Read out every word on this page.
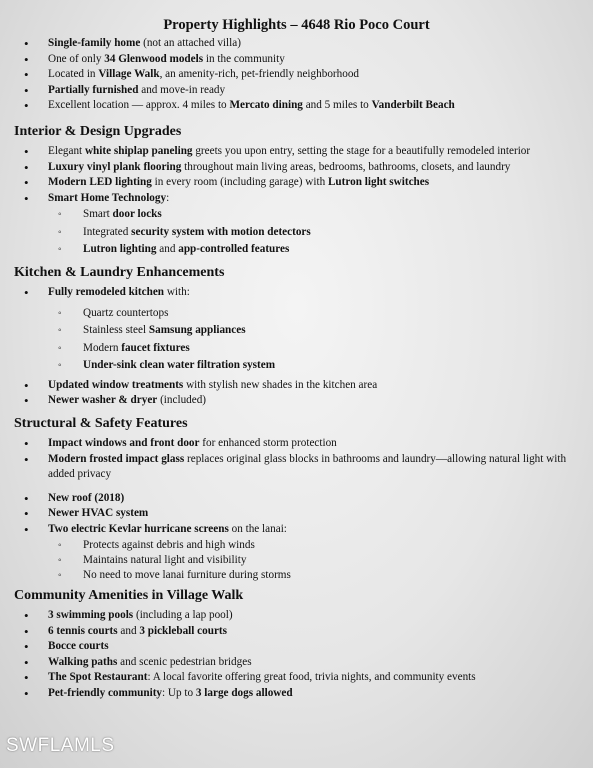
Property Highlights – 4648 Rio Poco Court
• Single-family home (not an attached villa)
• One of only 34 Glenwood models in the community
• Located in Village Walk, an amenity-rich, pet-friendly neighborhood
• Partially furnished and move-in ready
• Excellent location — approx. 4 miles to Mercato dining and 5 miles to Vanderbilt Beach
Interior & Design Upgrades
• Elegant white shiplap paneling greets you upon entry, setting the stage for a beautifully remodeled interior
• Luxury vinyl plank flooring throughout main living areas, bedrooms, bathrooms, closets, and laundry
• Modern LED lighting in every room (including garage) with Lutron light switches
• Smart Home Technology:
◦ Smart door locks
◦ Integrated security system with motion detectors
◦ Lutron lighting and app-controlled features
Kitchen & Laundry Enhancements
• Fully remodeled kitchen with:
◦ Quartz countertops
◦ Stainless steel Samsung appliances
◦ Modern faucet fixtures
◦ Under-sink clean water filtration system
• Updated window treatments with stylish new shades in the kitchen area
• Newer washer & dryer (included)
Structural & Safety Features
• Impact windows and front door for enhanced storm protection
• Modern frosted impact glass replaces original glass blocks in bathrooms and laundry—allowing natural light with added privacy
• New roof (2018)
• Newer HVAC system
• Two electric Kevlar hurricane screens on the lanai:
◦ Protects against debris and high winds
◦ Maintains natural light and visibility
◦ No need to move lanai furniture during storms
Community Amenities in Village Walk
• 3 swimming pools (including a lap pool)
• 6 tennis courts and 3 pickleball courts
• Bocce courts
• Walking paths and scenic pedestrian bridges
• The Spot Restaurant: A local favorite offering great food, trivia nights, and community events
• Pet-friendly community: Up to 3 large dogs allowed
SWFLAMLS
